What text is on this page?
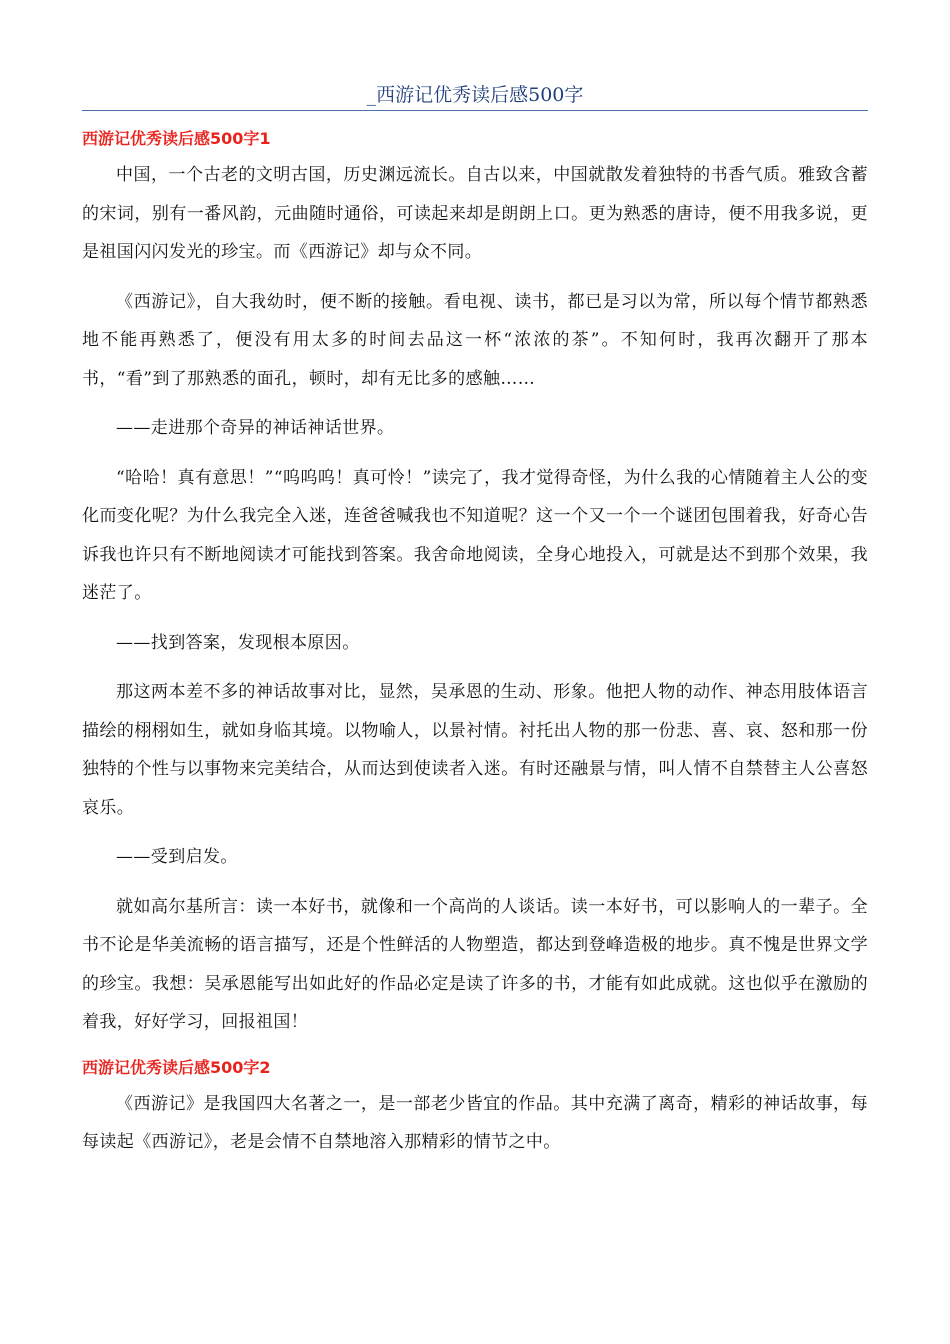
_西游记优秀读后感500字
西游记优秀读后感500字1

中国，一个古老的文明古国，历史渊远流长。自古以来，中国就散发着独特的书香气质。雅致含蓄的宋词，别有一番风韵，元曲随时通俗，可读起来却是朗朗上口。更为熟悉的唐诗，便不用我多说，更是祖国闪闪发光的珍宝。而《西游记》却与众不同。

《西游记》，自大我幼时，便不断的接触。看电视、读书，都已是习以为常，所以每个情节都熟悉地不能再熟悉了，便没有用太多的时间去品这一杯“浓浓的茶”。不知何时，我再次翻开了那本书，“看”到了那熟悉的面孔，顿时，却有无比多的感触……

——走进那个奇异的神话神话世界。

“哈哈！真有意思！”“呜呜呜！真可怜！”读完了，我才觉得奇怪，为什么我的心情随着主人公的变化而变化呢？为什么我完全入迷，连爸爸喊我也不知道呢？这一个又一个一个谜团包围着我，好奇心告诉我也许只有不断地阅读才可能找到答案。我舍命地阅读，全身心地投入，可就是达不到那个效果，我迷茫了。

——找到答案，发现根本原因。

那这两本差不多的神话故事对比，显然，吴承恩的生动、形象。他把人物的动作、神态用肢体语言描绘的栩栩如生，就如身临其境。以物喻人，以景衬情。衬托出人物的那一份悲、喜、哀、怒和那一份独特的个性与以事物来完美结合，从而达到使读者入迷。有时还融景与情，叫人情不自禁替主人公喜怒哀乐。

——受到启发。

就如高尔基所言：读一本好书，就像和一个高尚的人谈话。读一本好书，可以影响人的一辈子。全书不论是华美流畅的语言描写，还是个性鲜活的人物塑造，都达到登峰造极的地步。真不愧是世界文学的珍宝。我想：吴承恩能写出如此好的作品必定是读了许多的书，才能有如此成就。这也似乎在激励的着我，好好学习，回报祖国！

西游记优秀读后感500字2

《西游记》是我国四大名著之一，是一部老少皆宜的作品。其中充满了离奇，精彩的神话故事，每每读起《西游记》，老是会情不自禁地溶入那精彩的情节之中。
